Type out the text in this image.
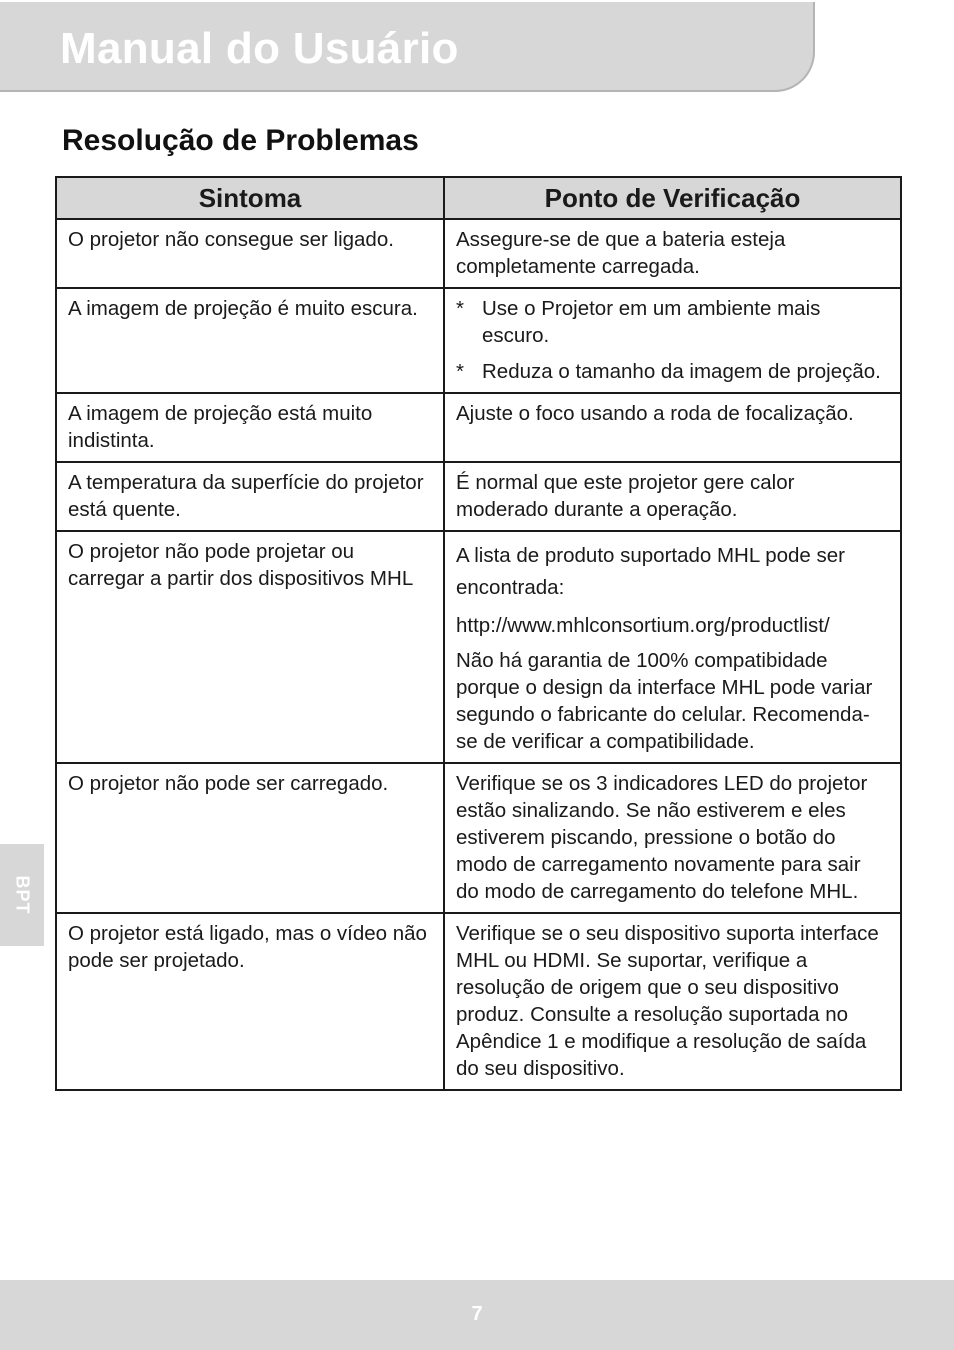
Manual do Usuário
Resolução de Problemas
Sintoma	Ponto de Verificação
O projetor não consegue ser ligado.	Assegure-se de que a bateria esteja completamente carregada.
A imagem de projeção é muito escura.	* Use o Projetor em um ambiente mais escuro.
* Reduza o tamanho da imagem de projeção.

A imagem de projeção está muito indistinta.	Ajuste o foco usando a roda de focalização.
A temperatura da superfície do projetor está quente.	É normal que este projetor gere calor moderado durante a operação.
O projetor não pode projetar ou carregar a partir dos dispositivos MHL	A lista de produto suportado MHL pode ser encontrada:
http://www.mhlconsortium.org/productlist/
Não há garantia de 100% compatibidade porque o design da interface MHL pode variar segundo o fabricante do celular. Recomenda-se de verificar a compatibilidade.

O projetor não pode ser carregado.	Verifique se os 3 indicadores LED do projetor estão sinalizando. Se não estiverem e eles estiverem piscando, pressione o botão do modo de carregamento novamente para sair do modo de carregamento do telefone MHL.
O projetor está ligado, mas o vídeo não pode ser projetado.	Verifique se o seu dispositivo suporta interface MHL ou HDMI. Se suportar, verifique a resolução de origem que o seu dispositivo produz. Consulte a resolução suportada no Apêndice 1 e modifique a resolução de saída do seu dispositivo.
BPT
7
